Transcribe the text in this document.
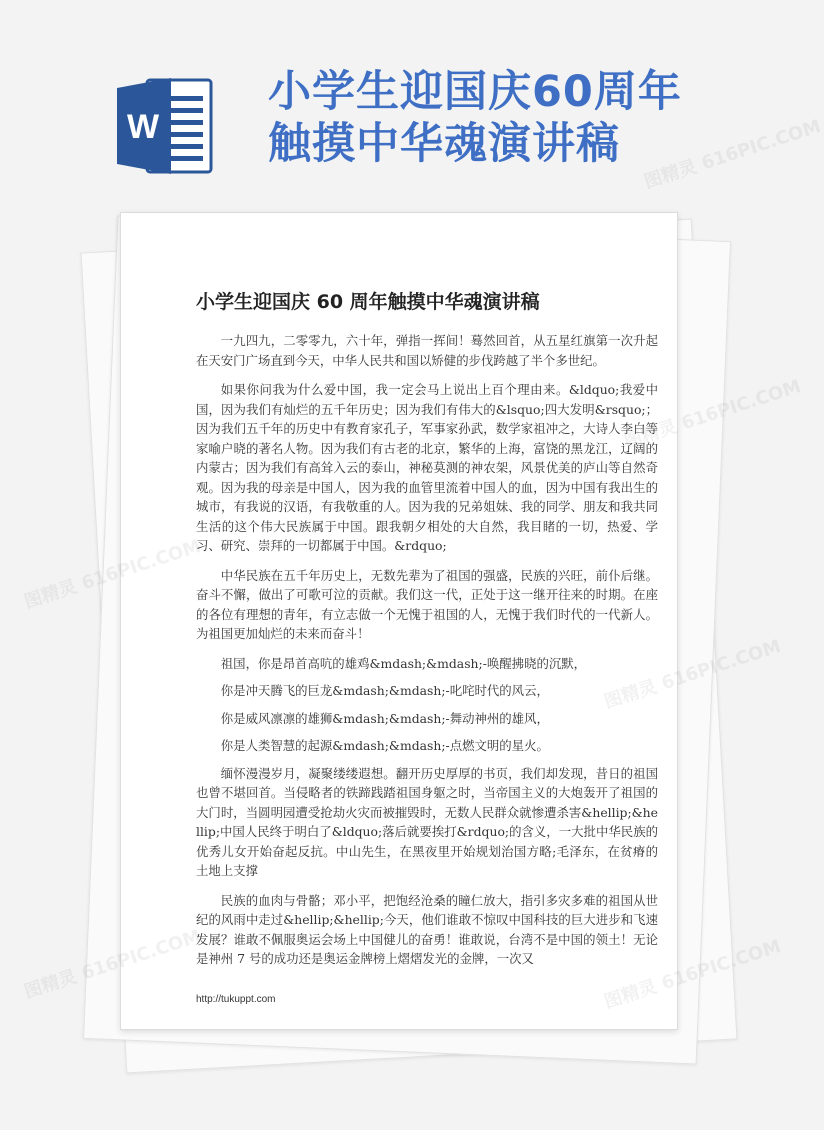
W
小学生迎国庆60周年
触摸中华魂演讲稿
小学生迎国庆 60 周年触摸中华魂演讲稿

一九四九，二零零九，六十年，弹指一挥间！蓦然回首，从五星红旗第一次升起在天安门广场直到今天，中华人民共和国以矫健的步伐跨越了半个多世纪。

如果你问我为什么爱中国，我一定会马上说出上百个理由来。&ldquo;我爱中国，因为我们有灿烂的五千年历史；因为我们有伟大的&lsquo;四大发明&rsquo;；因为我们五千年的历史中有教育家孔子，军事家孙武，数学家祖冲之，大诗人李白等家喻户晓的著名人物。因为我们有古老的北京，繁华的上海，富饶的黑龙江，辽阔的内蒙古；因为我们有高耸入云的泰山，神秘莫测的神农架，风景优美的庐山等自然奇观。因为我的母亲是中国人，因为我的血管里流着中国人的血，因为中国有我出生的城市，有我说的汉语，有我敬重的人。因为我的兄弟姐妹、我的同学、朋友和我共同生活的这个伟大民族属于中国。跟我朝夕相处的大自然，我目睹的一切，热爱、学习、研究、崇拜的一切都属于中国。&rdquo;

中华民族在五千年历史上，无数先辈为了祖国的强盛，民族的兴旺，前仆后继。奋斗不懈，做出了可歌可泣的贡献。我们这一代，正处于这一继开往来的时期。在座的各位有理想的青年，有立志做一个无愧于祖国的人，无愧于我们时代的一代新人。为祖国更加灿烂的未来而奋斗！

祖国，你是昂首高吭的雄鸡&mdash;&mdash;-唤醒拂晓的沉默，

你是冲天腾飞的巨龙&mdash;&mdash;-叱咤时代的风云，

你是威风凛凛的雄狮&mdash;&mdash;-舞动神州的雄风，

你是人类智慧的起源&mdash;&mdash;-点燃文明的星火。

缅怀漫漫岁月，凝聚缕缕遐想。翻开历史厚厚的书页，我们却发现，昔日的祖国也曾不堪回首。当侵略者的铁蹄践踏祖国身躯之时，当帝国主义的大炮轰开了祖国的大门时，当圆明园遭受抢劫火灾而被摧毁时，无数人民群众就惨遭杀害&hellip;&hellip;中国人民终于明白了&ldquo;落后就要挨打&rdquo;的含义，一大批中华民族的优秀儿女开始奋起反抗。中山先生，在黑夜里开始规划治国方略;毛泽东，在贫瘠的土地上支撑

民族的血肉与骨骼；邓小平，把饱经沧桑的瞳仁放大，指引多灾多难的祖国从世纪的风雨中走过&hellip;&hellip;今天，他们谁敢不惊叹中国科技的巨大进步和飞速发展？谁敢不佩服奥运会场上中国健儿的奋勇！谁敢说，台湾不是中国的领土！无论是神州 7 号的成功还是奥运金牌榜上熠熠发光的金牌，一次又

http://tukuppt.com
图精灵 616PIC.COM
616PIC.COM
图精灵
616PIC.COM
图精灵
